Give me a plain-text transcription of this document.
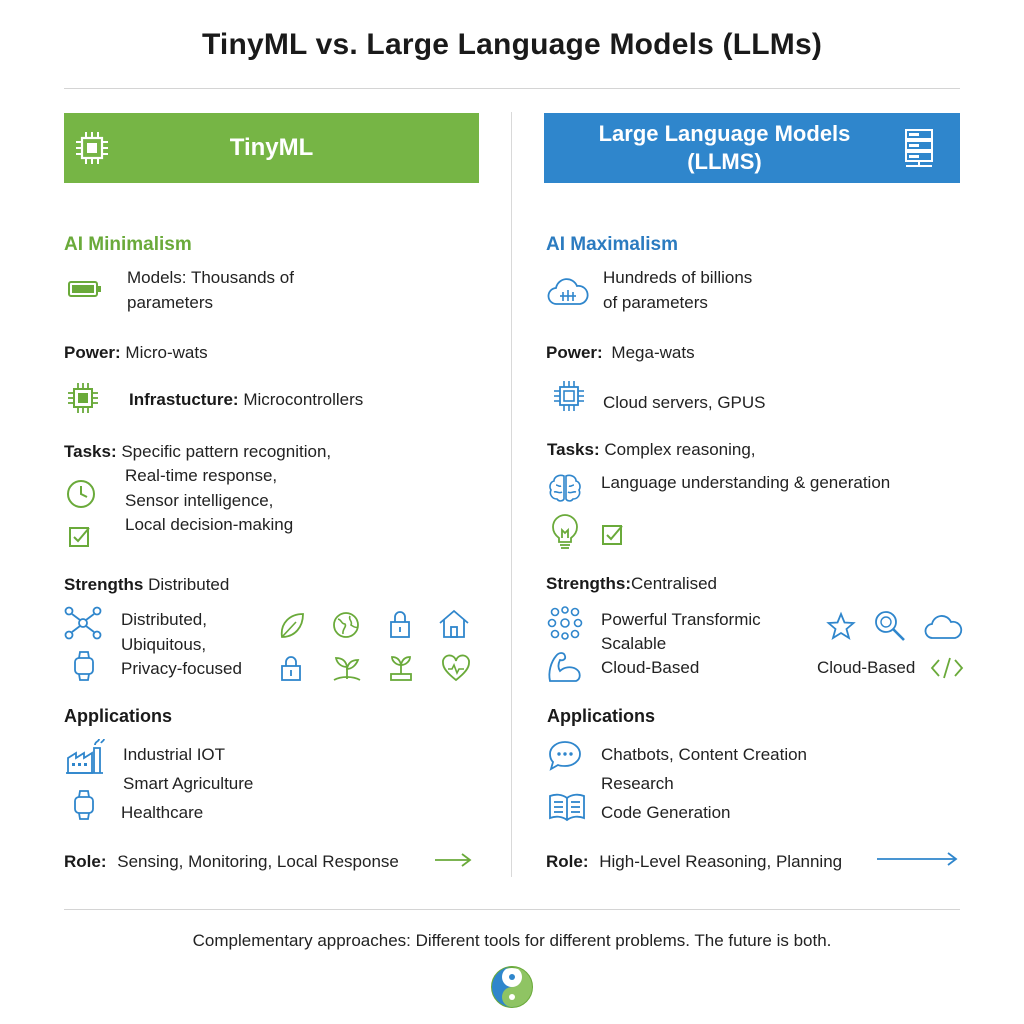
TinyML vs. Large Language Models (LLMs)
TinyML
AI Minimalism
Models: Thousands of
parameters
Power: Micro-wats
Infrastucture: Microcontrollers
Tasks: Specific pattern recognition,
Real-time response,
Sensor intelligence,
Local decision-making
Strengths Distributed
Distributed,
Ubiquitous,
Privacy-focused
Applications
Industrial IOT
Smart Agriculture
Healthcare
Role: Sensing, Monitoring, Local Response
Large Language Models
(LLMS)
AI Maximalism
Hundreds of billions
of parameters
Power: Mega-wats
Cloud servers, GPUS
Tasks: Complex reasoning,
Language understanding & generation
Strengths:Centralised
Powerful Transformic
Scalable
Cloud-Based	Cloud-Based
Applications
Chatbots, Content Creation
Research
Code Generation
Role: High-Level Reasoning, Planning
Complementary approaches: Different tools for different problems. The future is both.
